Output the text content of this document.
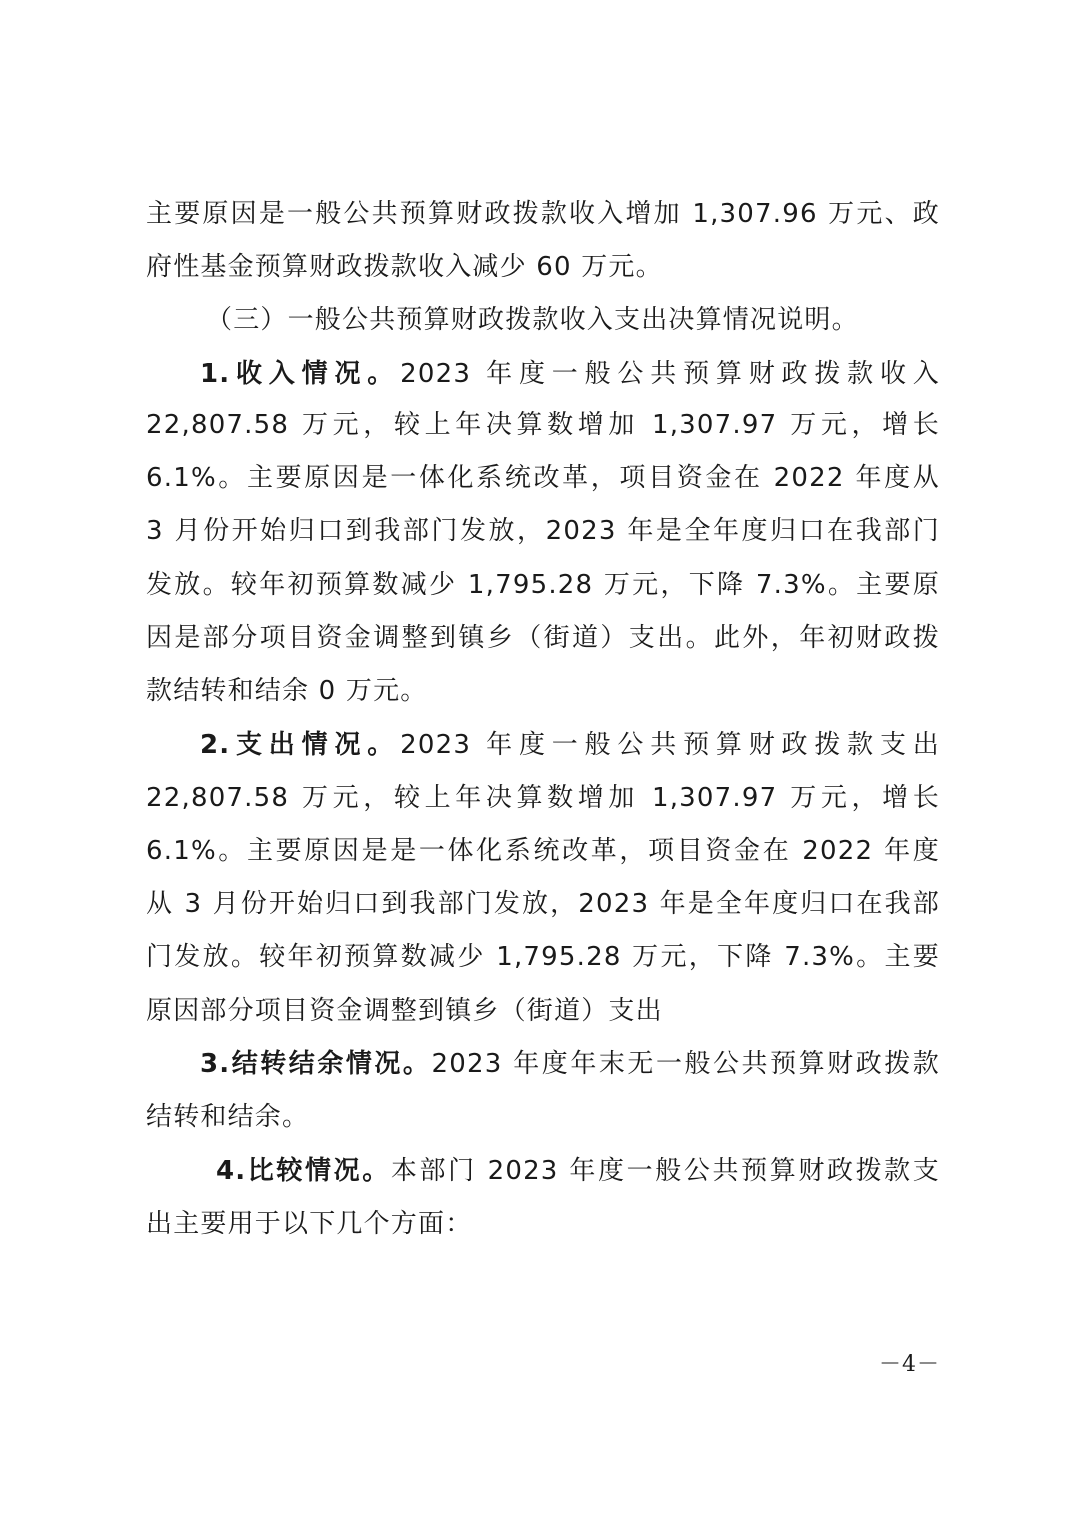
主要原因是一般公共预算财政拨款收入增加 1,307.96 万元、政
府性基金预算财政拨款收入减少 60 万元。
（三）一般公共预算财政拨款收入支出决算情况说明。
1.收入情况。2023 年度一般公共预算财政拨款收入
22,807.58 万元，较上年决算数增加 1,307.97 万元，增长
6.1%。主要原因是一体化系统改革，项目资金在 2022 年度从
3 月份开始归口到我部门发放，2023 年是全年度归口在我部门
发放。较年初预算数减少 1,795.28 万元，下降 7.3%。主要原
因是部分项目资金调整到镇乡（街道）支出。此外，年初财政拨
款结转和结余 0 万元。
2.支出情况。2023 年度一般公共预算财政拨款支出
22,807.58 万元，较上年决算数增加 1,307.97 万元，增长
6.1%。主要原因是是一体化系统改革，项目资金在 2022 年度
从 3 月份开始归口到我部门发放，2023 年是全年度归口在我部
门发放。较年初预算数减少 1,795.28 万元，下降 7.3%。主要
原因部分项目资金调整到镇乡（街道）支出
3.结转结余情况。2023 年度年末无一般公共预算财政拨款
结转和结余。
4.比较情况。本部门 2023 年度一般公共预算财政拨款支
出主要用于以下几个方面：
－4－
